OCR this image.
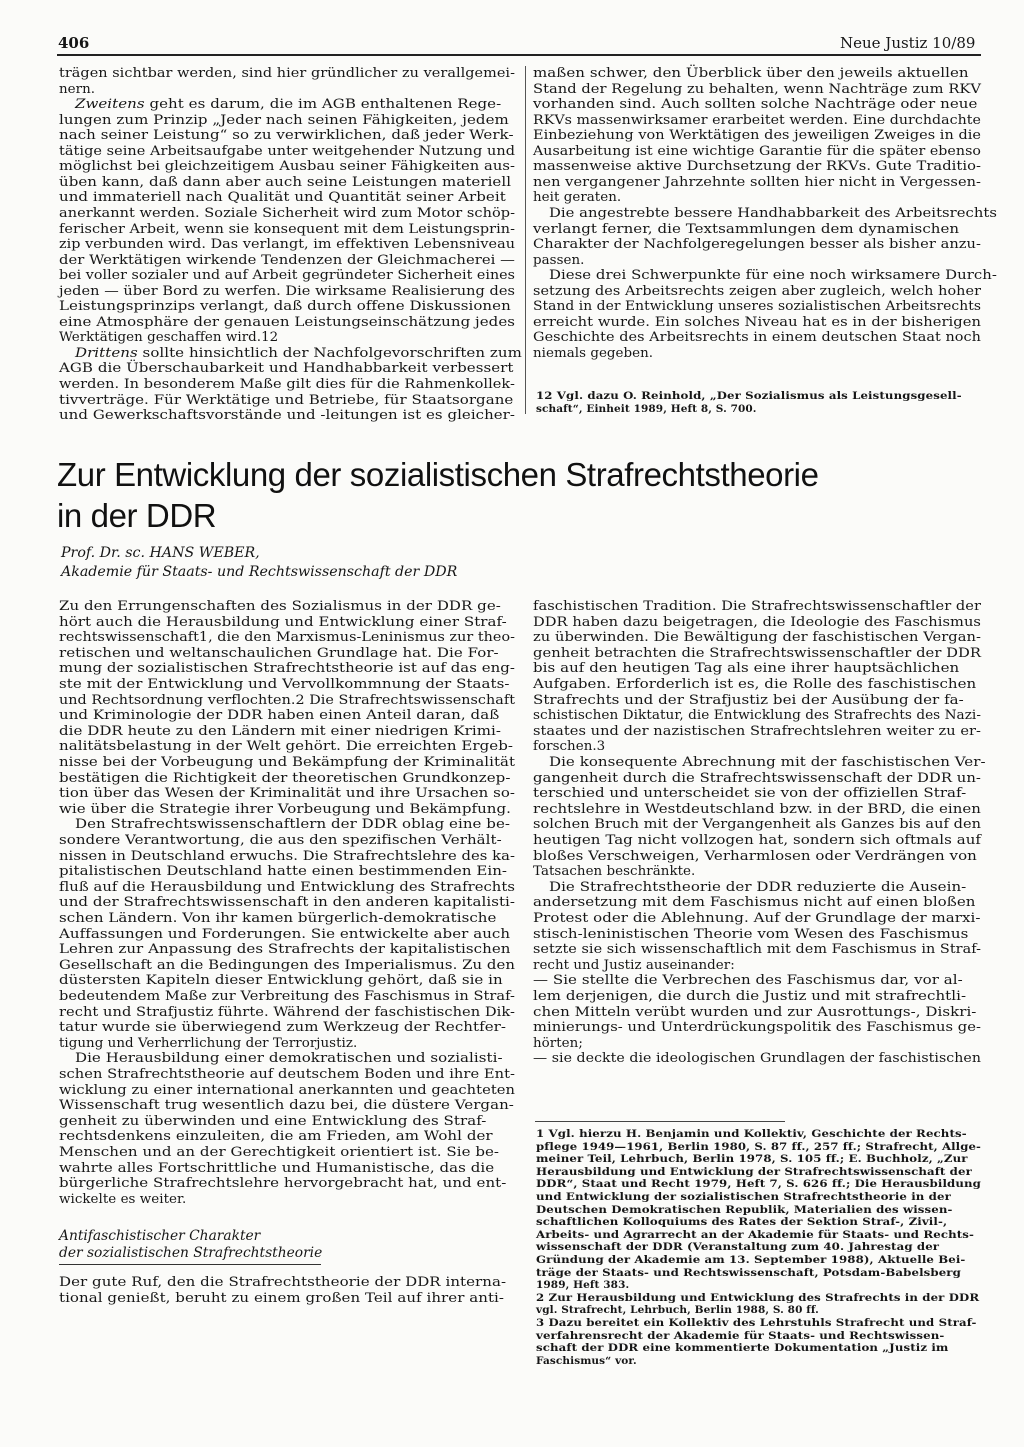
406	Neue Justiz 10/89
trägen sichtbar werden, sind hier gründlicher zu verallgemei-
nern.
Zweitens geht es darum, die im AGB enthaltenen Rege-
lungen zum Prinzip „Jeder nach seinen Fähigkeiten, jedem
nach seiner Leistung“ so zu verwirklichen, daß jeder Werk-
tätige seine Arbeitsaufgabe unter weitgehender Nutzung und
möglichst bei gleichzeitigem Ausbau seiner Fähigkeiten aus-
üben kann, daß dann aber auch seine Leistungen materiell
und immateriell nach Qualität und Quantität seiner Arbeit
anerkannt werden. Soziale Sicherheit wird zum Motor schöp-
ferischer Arbeit, wenn sie konsequent mit dem Leistungsprin-
zip verbunden wird. Das verlangt, im effektiven Lebensniveau
der Werktätigen wirkende Tendenzen der Gleichmacherei —
bei voller sozialer und auf Arbeit gegründeter Sicherheit eines
jeden — über Bord zu werfen. Die wirksame Realisierung des
Leistungsprinzips verlangt, daß durch offene Diskussionen
eine Atmosphäre der genauen Leistungseinschätzung jedes
Werktätigen geschaffen wird.12
Drittens sollte hinsichtlich der Nachfolgevorschriften zum
AGB die Überschaubarkeit und Handhabbarkeit verbessert
werden. In besonderem Maße gilt dies für die Rahmenkollek-
tivverträge. Für Werktätige und Betriebe, für Staatsorgane
und Gewerkschaftsvorstände und -leitungen ist es gleicher-
maßen schwer, den Überblick über den jeweils aktuellen
Stand der Regelung zu behalten, wenn Nachträge zum RKV
vorhanden sind. Auch sollten solche Nachträge oder neue
RKVs massenwirksamer erarbeitet werden. Eine durchdachte
Einbeziehung von Werktätigen des jeweiligen Zweiges in die
Ausarbeitung ist eine wichtige Garantie für die später ebenso
massenweise aktive Durchsetzung der RKVs. Gute Traditio-
nen vergangener Jahrzehnte sollten hier nicht in Vergessen-
heit geraten.
Die angestrebte bessere Handhabbarkeit des Arbeitsrechts
verlangt ferner, die Textsammlungen dem dynamischen
Charakter der Nachfolgeregelungen besser als bisher anzu-
passen.
Diese drei Schwerpunkte für eine noch wirksamere Durch-
setzung des Arbeitsrechts zeigen aber zugleich, welch hoher
Stand in der Entwicklung unseres sozialistischen Arbeitsrechts
erreicht wurde. Ein solches Niveau hat es in der bisherigen
Geschichte des Arbeitsrechts in einem deutschen Staat noch
niemals gegeben.
12 Vgl. dazu O. Reinhold, „Der Sozialismus als Leistungsgesell-
schaft“, Einheit 1989, Heft 8, S. 700.
Zur Entwicklung der sozialistischen Strafrechtstheorie
in der DDR
Prof. Dr. sc. HANS WEBER,
Akademie für Staats- und Rechtswissenschaft der DDR
Zu den Errungenschaften des Sozialismus in der DDR ge-
hört auch die Herausbildung und Entwicklung einer Straf-
rechtswissenschaft1, die den Marxismus-Leninismus zur theo-
retischen und weltanschaulichen Grundlage hat. Die For-
mung der sozialistischen Strafrechtstheorie ist auf das eng-
ste mit der Entwicklung und Vervollkommnung der Staats-
und Rechtsordnung verflochten.2 Die Strafrechtswissenschaft
und Kriminologie der DDR haben einen Anteil daran, daß
die DDR heute zu den Ländern mit einer niedrigen Krimi-
nalitätsbelastung in der Welt gehört. Die erreichten Ergeb-
nisse bei der Vorbeugung und Bekämpfung der Kriminalität
bestätigen die Richtigkeit der theoretischen Grundkonzep-
tion über das Wesen der Kriminalität und ihre Ursachen so-
wie über die Strategie ihrer Vorbeugung und Bekämpfung.
Den Strafrechtswissenschaftlern der DDR oblag eine be-
sondere Verantwortung, die aus den spezifischen Verhält-
nissen in Deutschland erwuchs. Die Strafrechtslehre des ka-
pitalistischen Deutschland hatte einen bestimmenden Ein-
fluß auf die Herausbildung und Entwicklung des Strafrechts
und der Strafrechtswissenschaft in den anderen kapitalisti-
schen Ländern. Von ihr kamen bürgerlich-demokratische
Auffassungen und Forderungen. Sie entwickelte aber auch
Lehren zur Anpassung des Strafrechts der kapitalistischen
Gesellschaft an die Bedingungen des Imperialismus. Zu den
düstersten Kapiteln dieser Entwicklung gehört, daß sie in
bedeutendem Maße zur Verbreitung des Faschismus in Straf-
recht und Strafjustiz führte. Während der faschistischen Dik-
tatur wurde sie überwiegend zum Werkzeug der Rechtfer-
tigung und Verherrlichung der Terrorjustiz.
Die Herausbildung einer demokratischen und sozialisti-
schen Strafrechtstheorie auf deutschem Boden und ihre Ent-
wicklung zu einer international anerkannten und geachteten
Wissenschaft trug wesentlich dazu bei, die düstere Vergan-
genheit zu überwinden und eine Entwicklung des Straf-
rechtsdenkens einzuleiten, die am Frieden, am Wohl der
Menschen und an der Gerechtigkeit orientiert ist. Sie be-
wahrte alles Fortschrittliche und Humanistische, das die
bürgerliche Strafrechtslehre hervorgebracht hat, und ent-
wickelte es weiter.
Antifaschistischer Charakter
der sozialistischen Strafrechtstheorie
Der gute Ruf, den die Strafrechtstheorie der DDR interna-
tional genießt, beruht zu einem großen Teil auf ihrer anti-
faschistischen Tradition. Die Strafrechtswissenschaftler der
DDR haben dazu beigetragen, die Ideologie des Faschismus
zu überwinden. Die Bewältigung der faschistischen Vergan-
genheit betrachten die Strafrechtswissenschaftler der DDR
bis auf den heutigen Tag als eine ihrer hauptsächlichen
Aufgaben. Erforderlich ist es, die Rolle des faschistischen
Strafrechts und der Strafjustiz bei der Ausübung der fa-
schistischen Diktatur, die Entwicklung des Strafrechts des Nazi-
staates und der nazistischen Strafrechtslehren weiter zu er-
forschen.3
Die konsequente Abrechnung mit der faschistischen Ver-
gangenheit durch die Strafrechtswissenschaft der DDR un-
terschied und unterscheidet sie von der offiziellen Straf-
rechtslehre in Westdeutschland bzw. in der BRD, die einen
solchen Bruch mit der Vergangenheit als Ganzes bis auf den
heutigen Tag nicht vollzogen hat, sondern sich oftmals auf
bloßes Verschweigen, Verharmlosen oder Verdrängen von
Tatsachen beschränkte.
Die Strafrechtstheorie der DDR reduzierte die Ausein-
andersetzung mit dem Faschismus nicht auf einen bloßen
Protest oder die Ablehnung. Auf der Grundlage der marxi-
stisch-leninistischen Theorie vom Wesen des Faschismus
setzte sie sich wissenschaftlich mit dem Faschismus in Straf-
recht und Justiz auseinander:
— Sie stellte die Verbrechen des Faschismus dar, vor al-
lem derjenigen, die durch die Justiz und mit strafrechtli-
chen Mitteln verübt wurden und zur Ausrottungs-, Diskri-
minierungs- und Unterdrückungspolitik des Faschismus ge-
hörten;
— sie deckte die ideologischen Grundlagen der faschistischen
1 Vgl. hierzu H. Benjamin und Kollektiv, Geschichte der Rechts-
pflege 1949—1961, Berlin 1980, S. 87 ff., 257 ff.; Strafrecht, Allge-
meiner Teil, Lehrbuch, Berlin 1978, S. 105 ff.; E. Buchholz, „Zur
Herausbildung und Entwicklung der Strafrechtswissenschaft der
DDR“, Staat und Recht 1979, Heft 7, S. 626 ff.; Die Herausbildung
und Entwicklung der sozialistischen Strafrechtstheorie in der
Deutschen Demokratischen Republik, Materialien des wissen-
schaftlichen Kolloquiums des Rates der Sektion Straf-, Zivil-,
Arbeits- und Agrarrecht an der Akademie für Staats- und Rechts-
wissenschaft der DDR (Veranstaltung zum 40. Jahrestag der
Gründung der Akademie am 13. September 1988), Aktuelle Bei-
träge der Staats- und Rechtswissenschaft, Potsdam-Babelsberg
1989, Heft 383.
2 Zur Herausbildung und Entwicklung des Strafrechts in der DDR
vgl. Strafrecht, Lehrbuch, Berlin 1988, S. 80 ff.
3 Dazu bereitet ein Kollektiv des Lehrstuhls Strafrecht und Straf-
verfahrensrecht der Akademie für Staats- und Rechtswissen-
schaft der DDR eine kommentierte Dokumentation „Justiz im
Faschismus“ vor.
